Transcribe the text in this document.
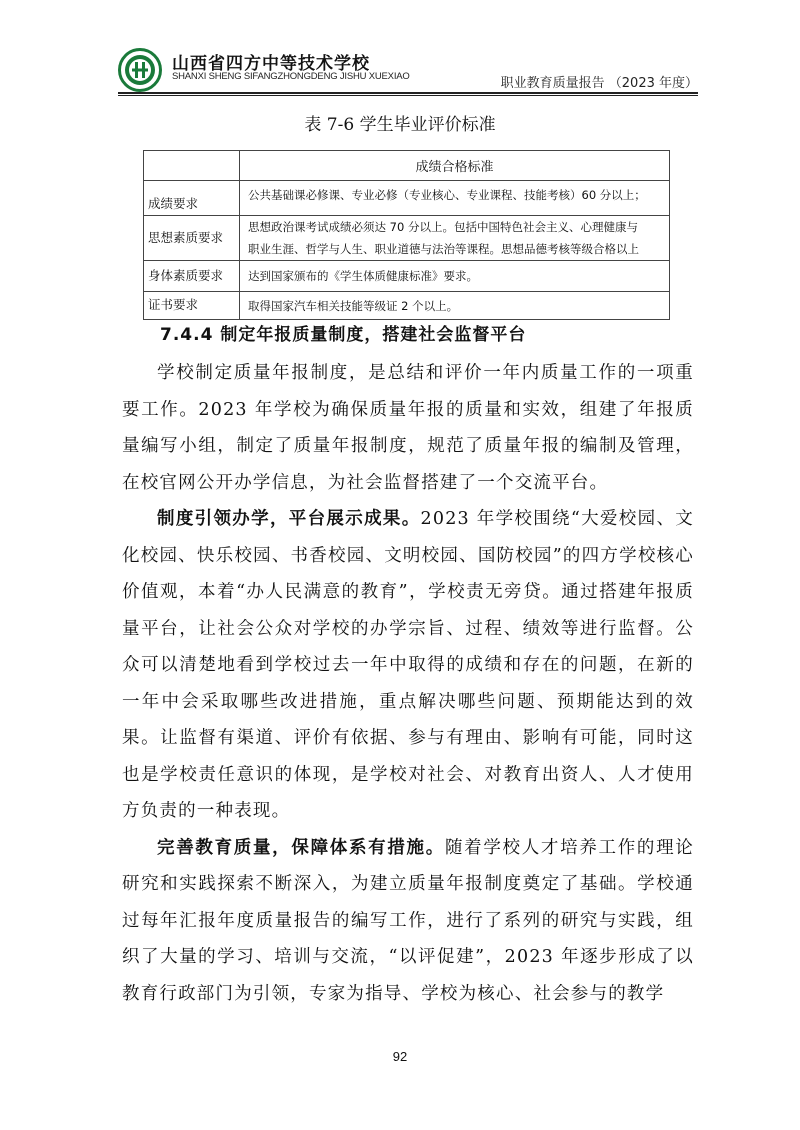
山西省四方中等技术学校
SHANXI SHENG SIFANGZHONGDENG JISHU XUEXIAO	职业教育质量报告 （2023 年度）
表 7-6 学生毕业评价标准
	成绩合格标准
成绩要求	公共基础课必修课、专业必修（专业核心、专业课程、技能考核）60 分以上；
思想素质要求	思想政治课考试成绩必须达 70 分以上。包括中国特色社会主义、心理健康与
职业生涯、哲学与人生、职业道德与法治等课程。思想品德考核等级合格以上

身体素质要求	达到国家颁布的《学生体质健康标准》要求。
证书要求	取得国家汽车相关技能等级证 2 个以上。
7.4.4 制定年报质量制度，搭建社会监督平台

学校制定质量年报制度，是总结和评价一年内质量工作的一项重要工作。2023 年学校为确保质量年报的质量和实效，组建了年报质量编写小组，制定了质量年报制度，规范了质量年报的编制及管理，在校官网公开办学信息，为社会监督搭建了一个交流平台。

制度引领办学，平台展示成果。2023 年学校围绕“大爱校园、文化校园、快乐校园、书香校园、文明校园、国防校园”的四方学校核心价值观，本着“办人民满意的教育”，学校责无旁贷。通过搭建年报质量平台，让社会公众对学校的办学宗旨、过程、绩效等进行监督。公众可以清楚地看到学校过去一年中取得的成绩和存在的问题，在新的一年中会采取哪些改进措施，重点解决哪些问题、预期能达到的效果。让监督有渠道、评价有依据、参与有理由、影响有可能，同时这也是学校责任意识的体现，是学校对社会、对教育出资人、人才使用方负责的一种表现。

完善教育质量，保障体系有措施。随着学校人才培养工作的理论研究和实践探索不断深入，为建立质量年报制度奠定了基础。学校通过每年汇报年度质量报告的编写工作，进行了系列的研究与实践，组织了大量的学习、培训与交流，“以评促建”，2023 年逐步形成了以教育行政部门为引领，专家为指导、学校为核心、社会参与的教学

92
